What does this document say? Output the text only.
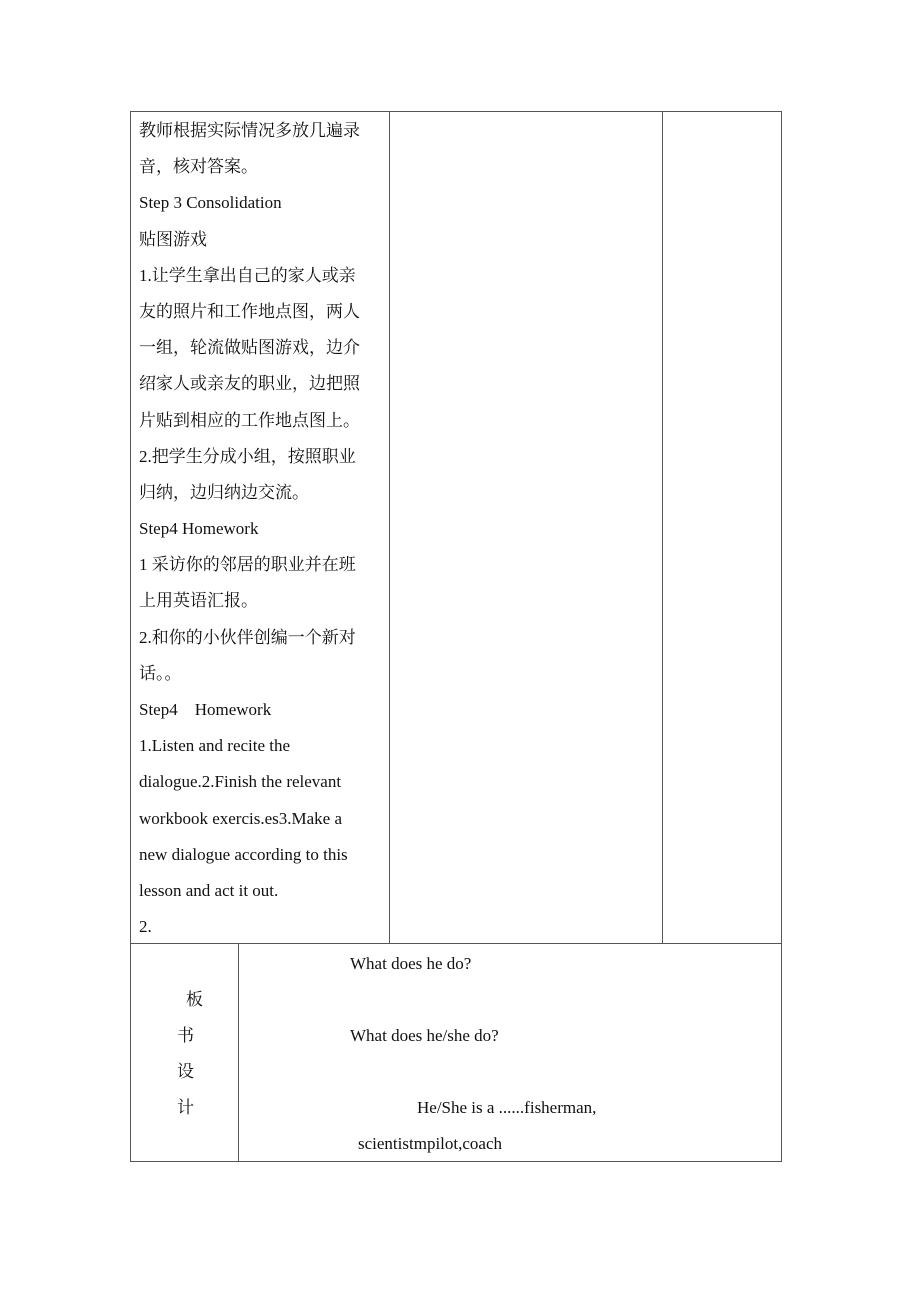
教师根据实际情况多放几遍录
音，核对答案。
Step 3 Consolidation
贴图游戏
1.让学生拿出自己的家人或亲
友的照片和工作地点图，两人
一组，轮流做贴图游戏，边介
绍家人或亲友的职业，边把照
片贴到相应的工作地点图上。
2.把学生分成小组，按照职业
归纳，边归纳边交流。
Step4 Homework
1 采访你的邻居的职业并在班
上用英语汇报。
2.和你的小伙伴创编一个新对
话。。
Step4　Homework
1.Listen and recite the
dialogue.2.Finish the relevant
workbook exercis.es3.Make a
new dialogue according to this
lesson and act it out.
2.
板
书
设
计
What does he do?
What does he/she do?
He/She is a ......fisherman,
scientistmpilot,coach
